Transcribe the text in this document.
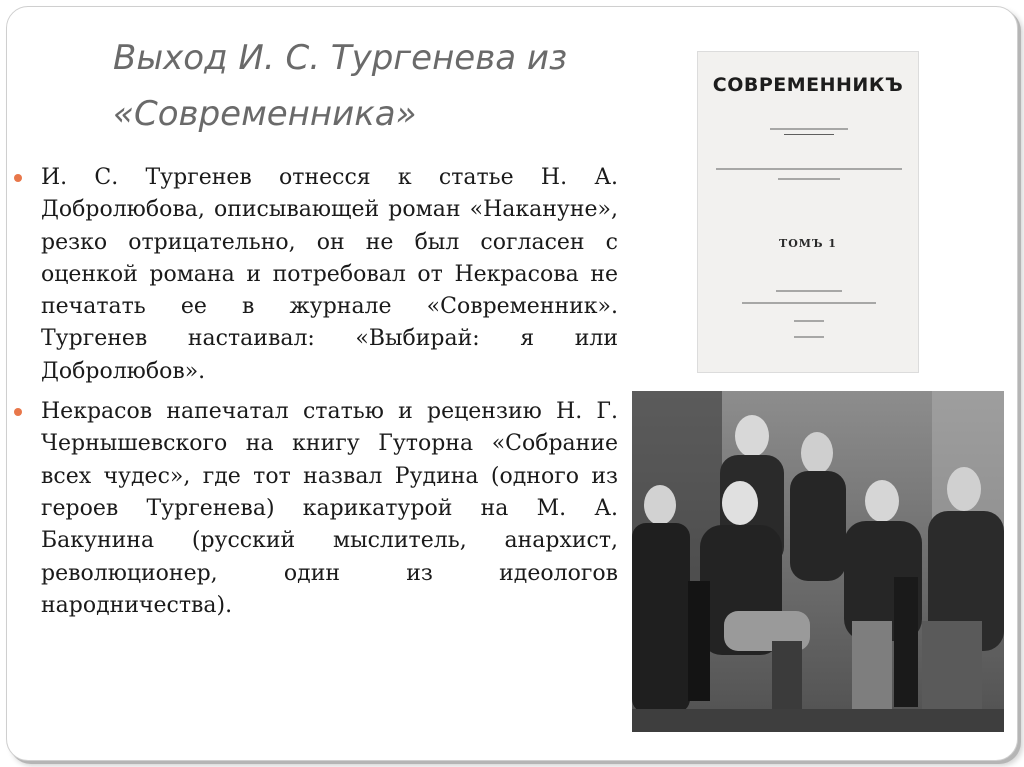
Выход И. С. Тургенева из
«Современника»
И. С. Тургенев отнесся к статье Н. А. Добролюбова, описывающей роман «Накануне», резко отрицательно, он не был согласен с оценкой романа и потребовал от Некрасова не печатать ее в журнале «Современник». Тургенев настаивал: «Выбирай: я или Добролюбов».
Некрасов напечатал статью и рецензию Н. Г. Чернышевского на книгу Гуторна «Собрание всех чудес», где тот назвал Рудина (одного из героев Тургенева) карикатурой на М. А. Бакунина (русский мыслитель, анархист, революционер, один из идеологов народничества).
СОВРЕМЕННИКЪ
ТОМЪ 1
